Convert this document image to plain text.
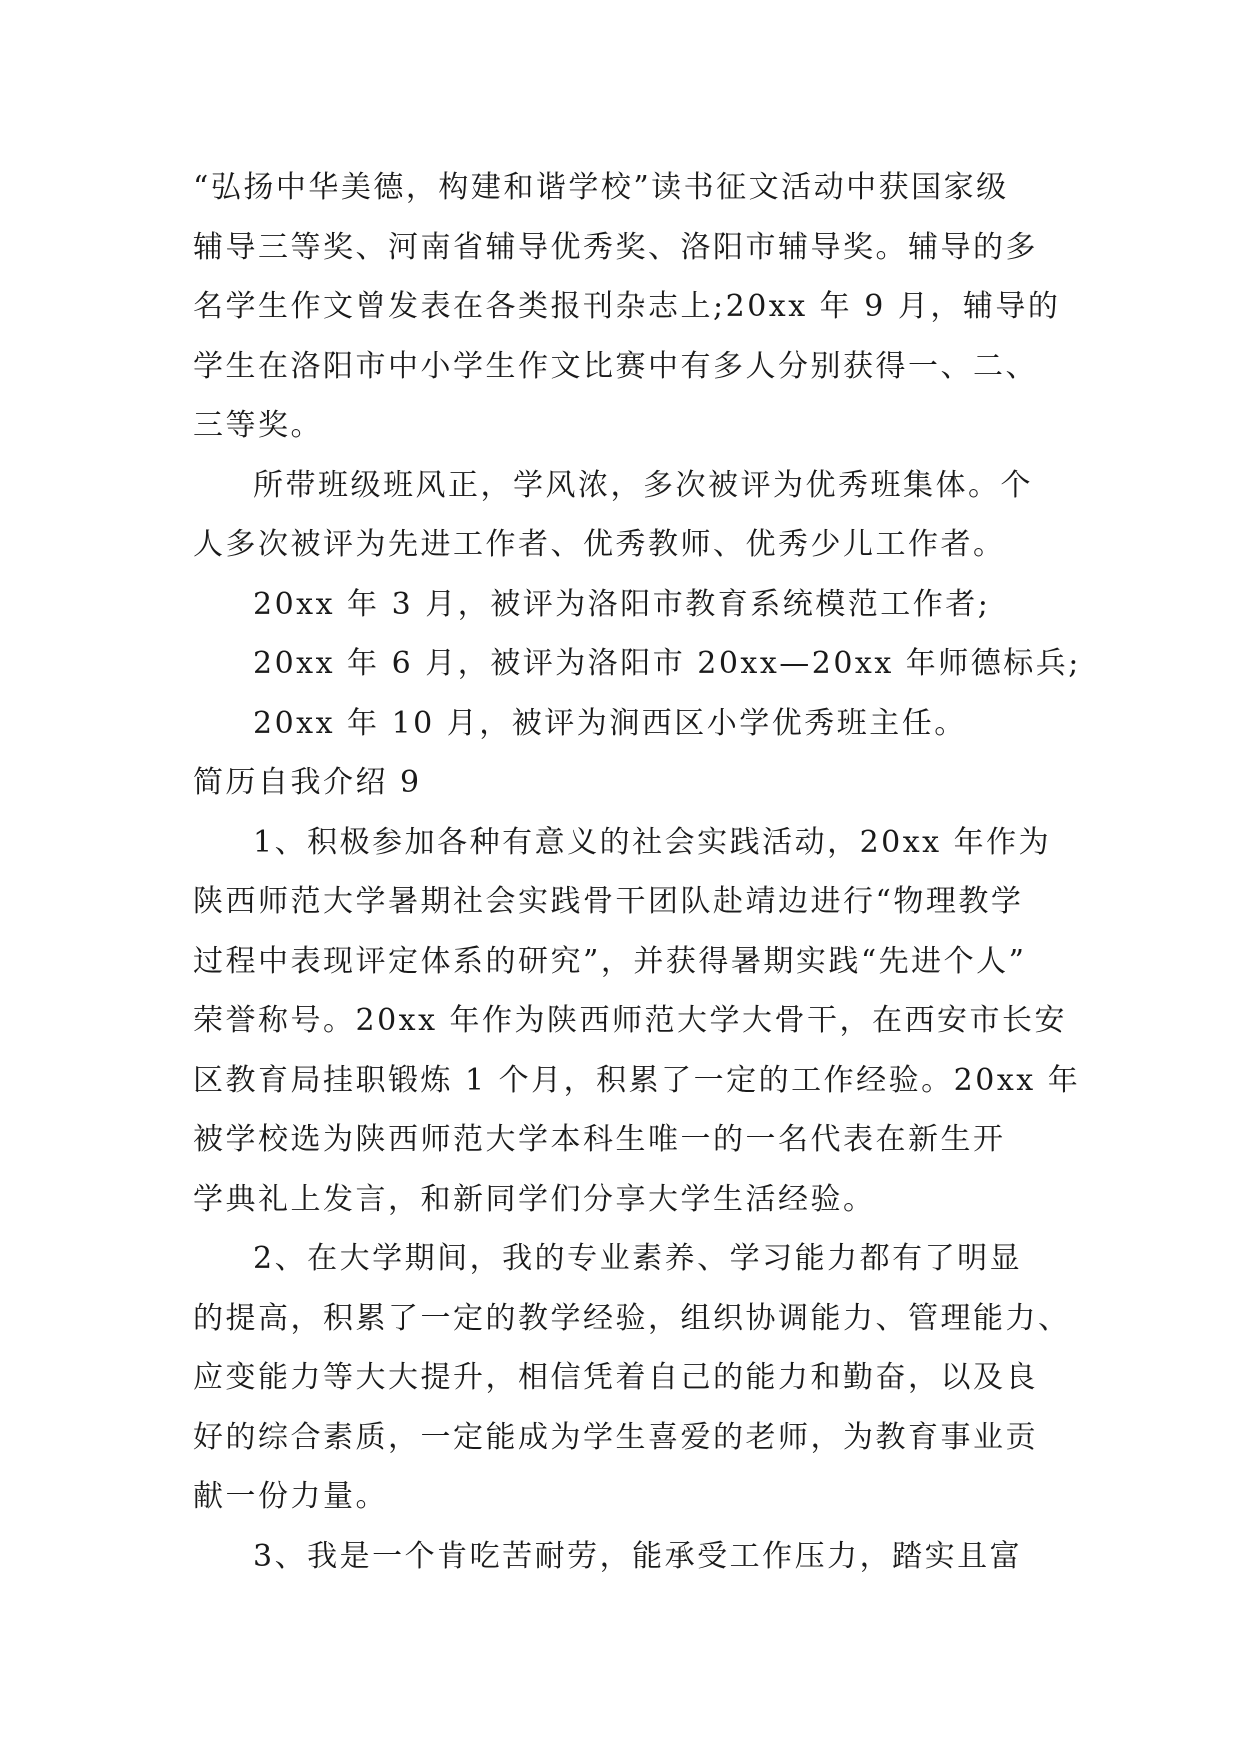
“弘扬中华美德，构建和谐学校”读书征文活动中获国家级
辅导三等奖、河南省辅导优秀奖、洛阳市辅导奖。辅导的多
名学生作文曾发表在各类报刊杂志上;20xx 年 9 月，辅导的
学生在洛阳市中小学生作文比赛中有多人分别获得一、二、
三等奖。
所带班级班风正，学风浓，多次被评为优秀班集体。个
人多次被评为先进工作者、优秀教师、优秀少儿工作者。
20xx 年 3 月，被评为洛阳市教育系统模范工作者;
20xx 年 6 月，被评为洛阳市 20xx—20xx 年师德标兵;
20xx 年 10 月，被评为涧西区小学优秀班主任。
简历自我介绍 9
1、积极参加各种有意义的社会实践活动，20xx 年作为
陕西师范大学暑期社会实践骨干团队赴靖边进行“物理教学
过程中表现评定体系的研究”，并获得暑期实践“先进个人”
荣誉称号。20xx 年作为陕西师范大学大骨干，在西安市长安
区教育局挂职锻炼 1 个月，积累了一定的工作经验。20xx 年
被学校选为陕西师范大学本科生唯一的一名代表在新生开
学典礼上发言，和新同学们分享大学生活经验。
2、在大学期间，我的专业素养、学习能力都有了明显
的提高，积累了一定的教学经验，组织协调能力、管理能力、
应变能力等大大提升，相信凭着自己的能力和勤奋，以及良
好的综合素质，一定能成为学生喜爱的老师，为教育事业贡
献一份力量。
3、我是一个肯吃苦耐劳，能承受工作压力，踏实且富
